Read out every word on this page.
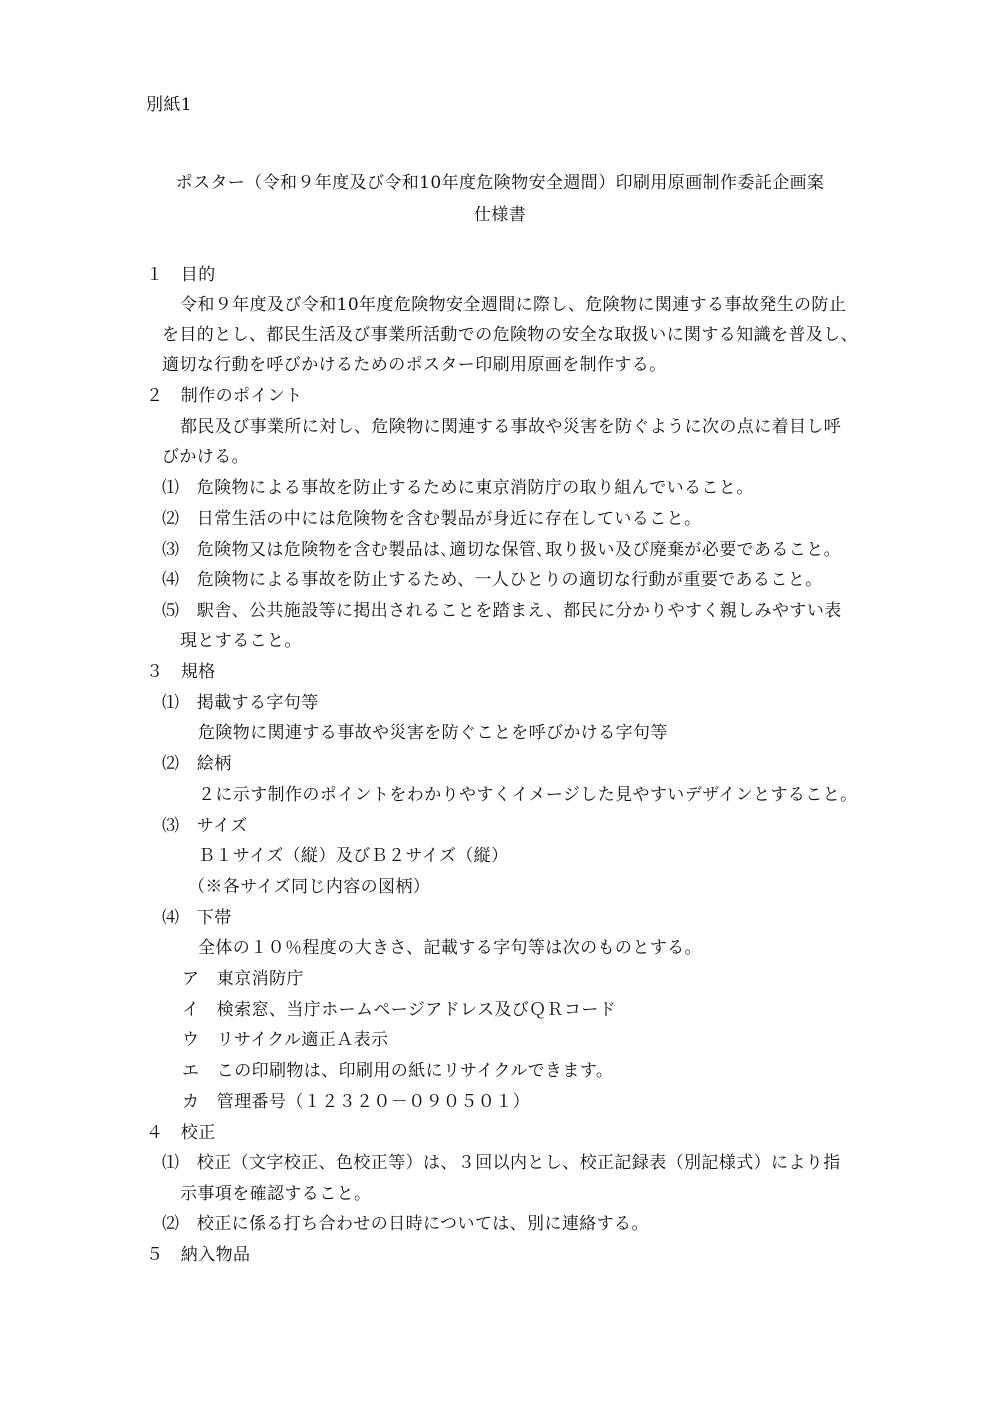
別紙1
ポスター（令和９年度及び令和10年度危険物安全週間）印刷用原画制作委託企画案
仕様書
１　目的
令和９年度及び令和10年度危険物安全週間に際し、危険物に関連する事故発生の防止
を目的とし、都民生活及び事業所活動での危険物の安全な取扱いに関する知識を普及し、
適切な行動を呼びかけるためのポスター印刷用原画を制作する。
２　制作のポイント
都民及び事業所に対し、危険物に関連する事故や災害を防ぐように次の点に着目し呼
びかける。
⑴　危険物による事故を防止するために東京消防庁の取り組んでいること。
⑵　日常生活の中には危険物を含む製品が身近に存在していること。
⑶　危険物又は危険物を含む製品は､適切な保管､取り扱い及び廃棄が必要であること。
⑷　危険物による事故を防止するため、一人ひとりの適切な行動が重要であること。
⑸　駅舎、公共施設等に掲出されることを踏まえ、都民に分かりやすく親しみやすい表
現とすること。
３　規格
⑴　掲載する字句等
危険物に関連する事故や災害を防ぐことを呼びかける字句等
⑵　絵柄
２に示す制作のポイントをわかりやすくイメージした見やすいデザインとすること。
⑶　サイズ
Ｂ１サイズ（縦）及びＢ２サイズ（縦）
（※各サイズ同じ内容の図柄）
⑷　下帯
全体の１０％程度の大きさ、記載する字句等は次のものとする。
ア　東京消防庁
イ　検索窓、当庁ホームページアドレス及びＱＲコード
ウ　リサイクル適正Ａ表示
エ　この印刷物は、印刷用の紙にリサイクルできます。
カ　管理番号（１２３２０－０９０５０１）
４　校正
⑴　校正（文字校正、色校正等）は、３回以内とし、校正記録表（別記様式）により指
示事項を確認すること。
⑵　校正に係る打ち合わせの日時については、別に連絡する。
５　納入物品
